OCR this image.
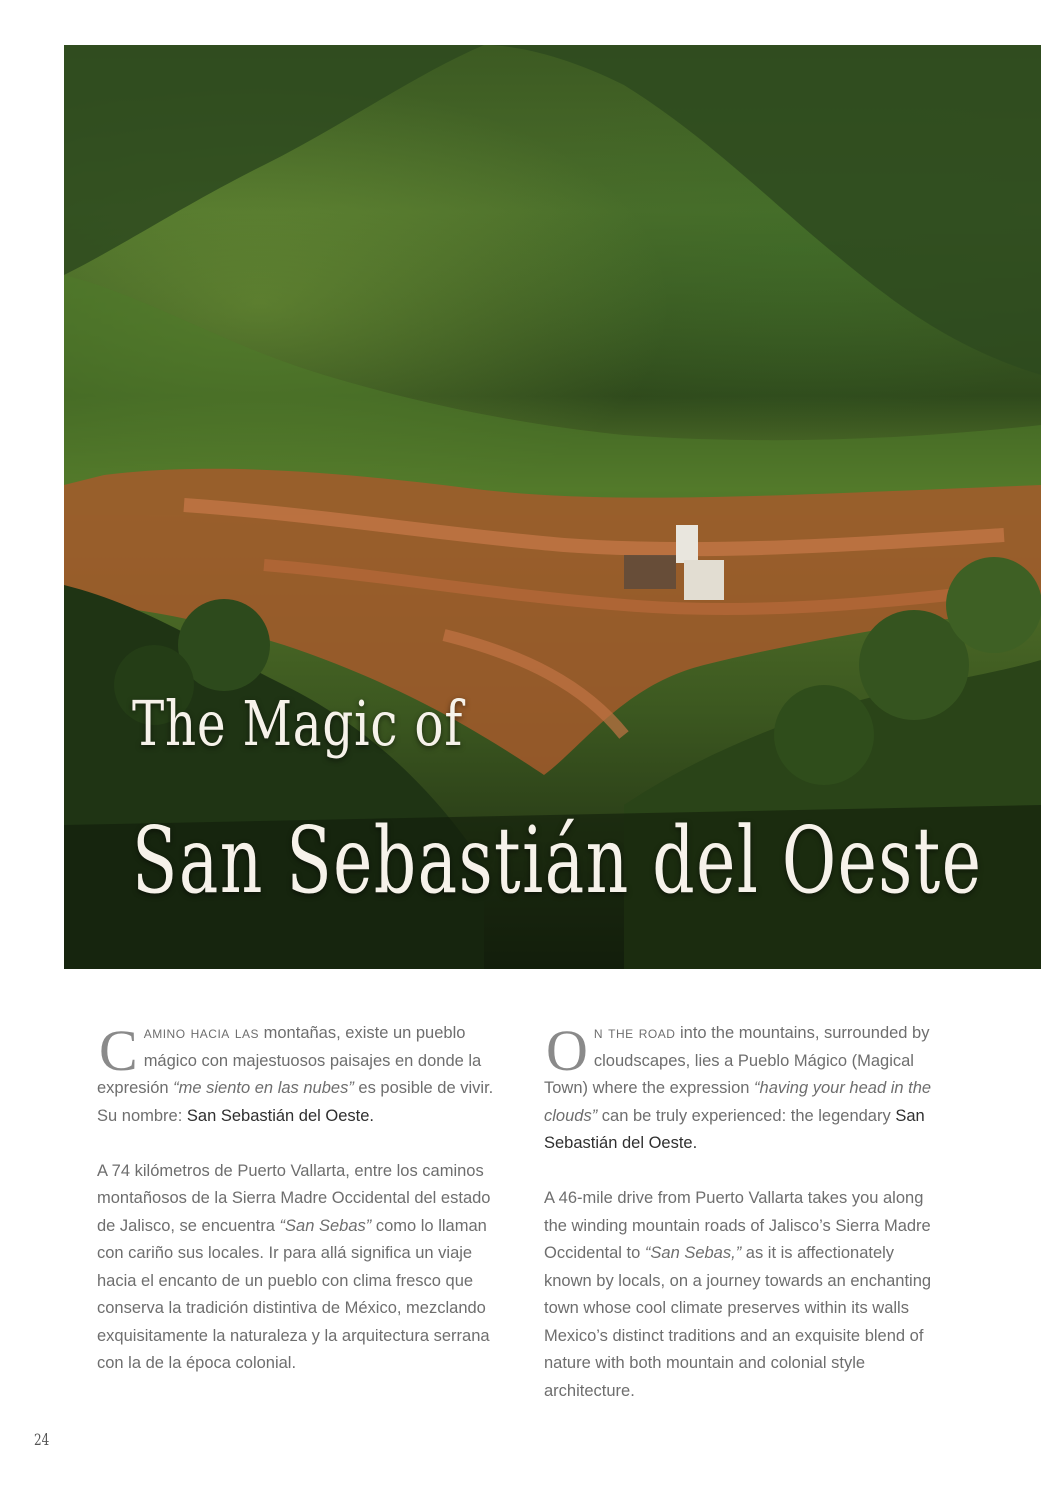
The Magic of
San Sebastián del Oeste

Camino hacia las montañas, existe un pueblo mágico con majestuosos paisajes en donde la expresión “me siento en las nubes” es posible de vivir. Su nombre: San Sebastián del Oeste.

A 74 kilómetros de Puerto Vallarta, entre los caminos montañosos de la Sierra Madre Occidental del estado de Jalisco, se encuentra “San Sebas” como lo llaman con cariño sus locales. Ir para allá significa un viaje hacia el encanto de un pueblo con clima fresco que conserva la tradición distintiva de México, mezclando exquisitamente la naturaleza y la arquitectura serrana con la de la época colonial.

On the road into the mountains, surrounded by cloudscapes, lies a Pueblo Mágico (Magical Town) where the expression “having your head in the clouds” can be truly experienced: the legendary San Sebastián del Oeste.

A 46-mile drive from Puerto Vallarta takes you along the winding mountain roads of Jalisco’s Sierra Madre Occidental to “San Sebas,” as it is affectionately known by locals, on a journey towards an enchanting town whose cool climate preserves within its walls Mexico’s distinct traditions and an exquisite blend of nature with both mountain and colonial style architecture.

24
